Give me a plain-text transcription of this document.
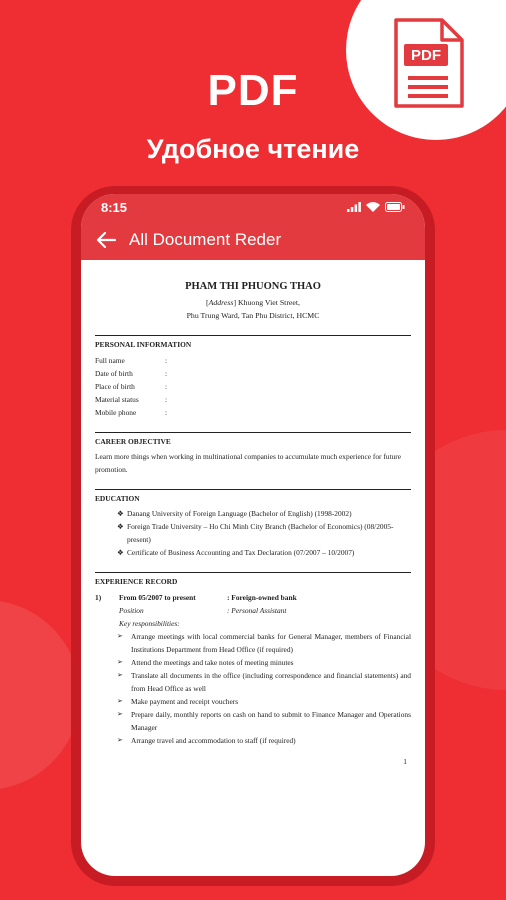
PDF
PDF
Удобное чтение
8:15
All Document Reder
PHAM THI PHUONG THAO
[Address] Khuong Viet Street,
Phu Trung Ward, Tan Phu District, HCMC
PERSONAL INFORMATION
Full name	:
Date of birth	:
Place of birth	:
Material status	:
Mobile phone	:
CAREER OBJECTIVE

Learn more things when working in multinational companies to accumulate much experience for future promotion.

EDUCATION
❖ Danang University of Foreign Language (Bachelor of English) (1998-2002)
❖ Foreign Trade University – Ho Chi Minh City Branch (Bachelor of Economics) (08/2005-present)
❖ Certificate of Business Accounting and Tax Declaration (07/2007 – 10/2007)
EXPERIENCE RECORD
1)	From 05/2007 to present	: Foreign-owned bank
Position	: Personal Assistant
Key responsibilities:
➢ Arrange meetings with local commercial banks for General Manager, members of Financial Institutions Department from Head Office (if required)
➢ Attend the meetings and take notes of meeting minutes
➢ Translate all documents in the office (including correspondence and financial statements) and from Head Office as well
➢ Make payment and receipt vouchers
➢ Prepare daily, monthly reports on cash on hand to submit to Finance Manager and Operations Manager
➢ Arrange travel and accommodation to staff (if required)
1
